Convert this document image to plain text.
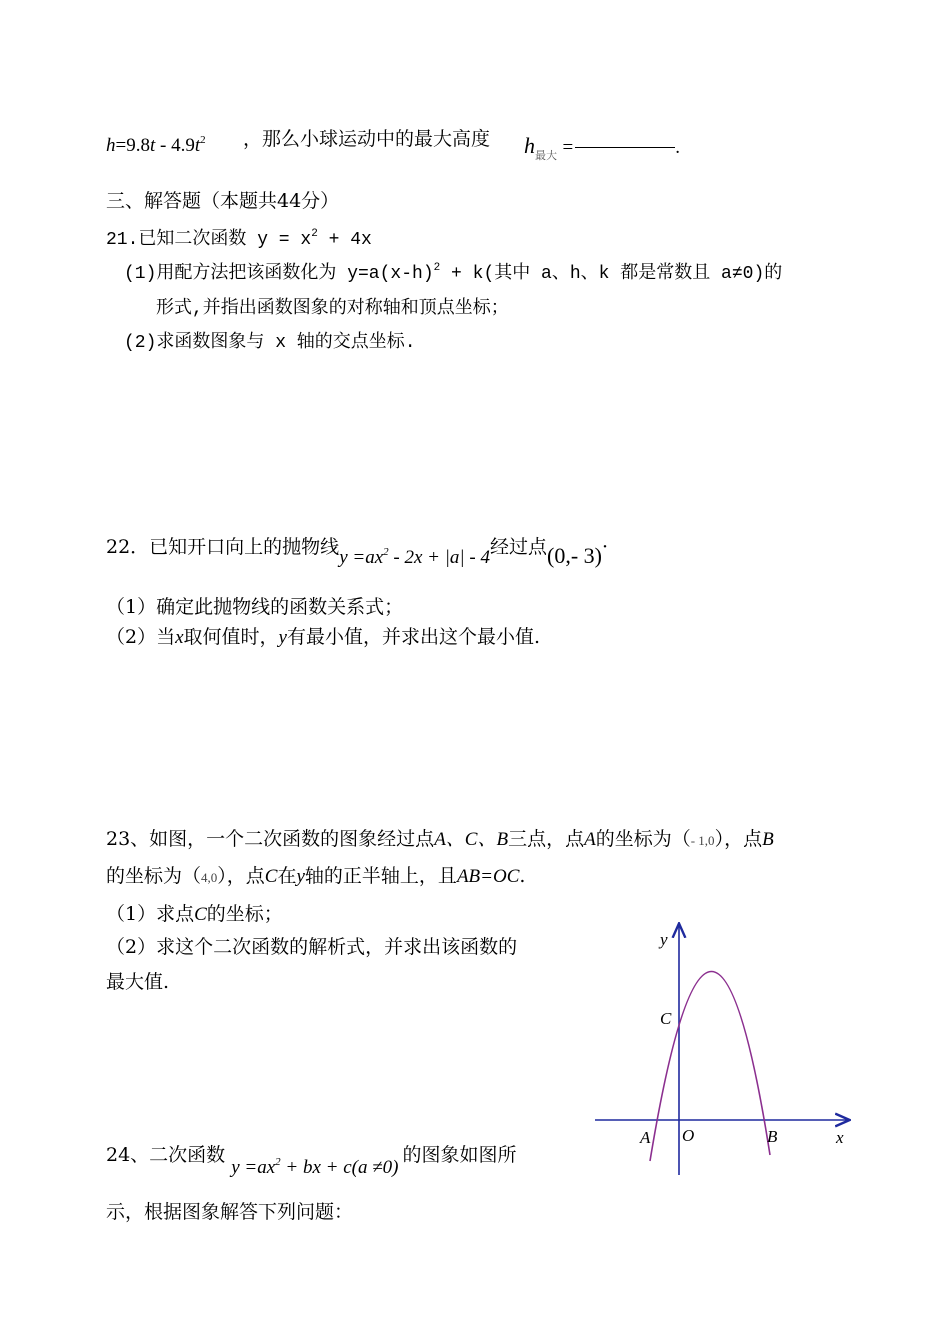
$h=9.8t - 4.9t^2$ ，那么小球运动中的最大高度 $h_{最大}$ =	.
三、解答题（本题共44分）
21.已知二次函数 $y = x^2 + 4x$
(1)用配方法把该函数化为 $y=a(x-h)^2 + k$(其中 a、h、k 都是常数且 a≠0)的
形式,并指出函数图象的对称轴和顶点坐标；
(2)求函数图象与 x 轴的交点坐标.
22．已知开口向上的抛物线$y =ax^2 - 2x + |a| - 4$经过点(0,- 3)·
（1）确定此抛物线的函数关系式；
（2）当x取何值时，y有最小值，并求出这个最小值.
23、如图，一个二次函数的图象经过点A、C、B三点，点A的坐标为（- 1,0），点B
的坐标为（4,0），点C在y轴的正半轴上，且AB=OC.
（1）求点C的坐标；
（2）求这个二次函数的解析式，并求出该函数的
最大值.
y
C
A O	B	x
24、二次函数$y =ax^2$ + bx + c(a ≠0)的图象如图所
示，根据图象解答下列问题：
